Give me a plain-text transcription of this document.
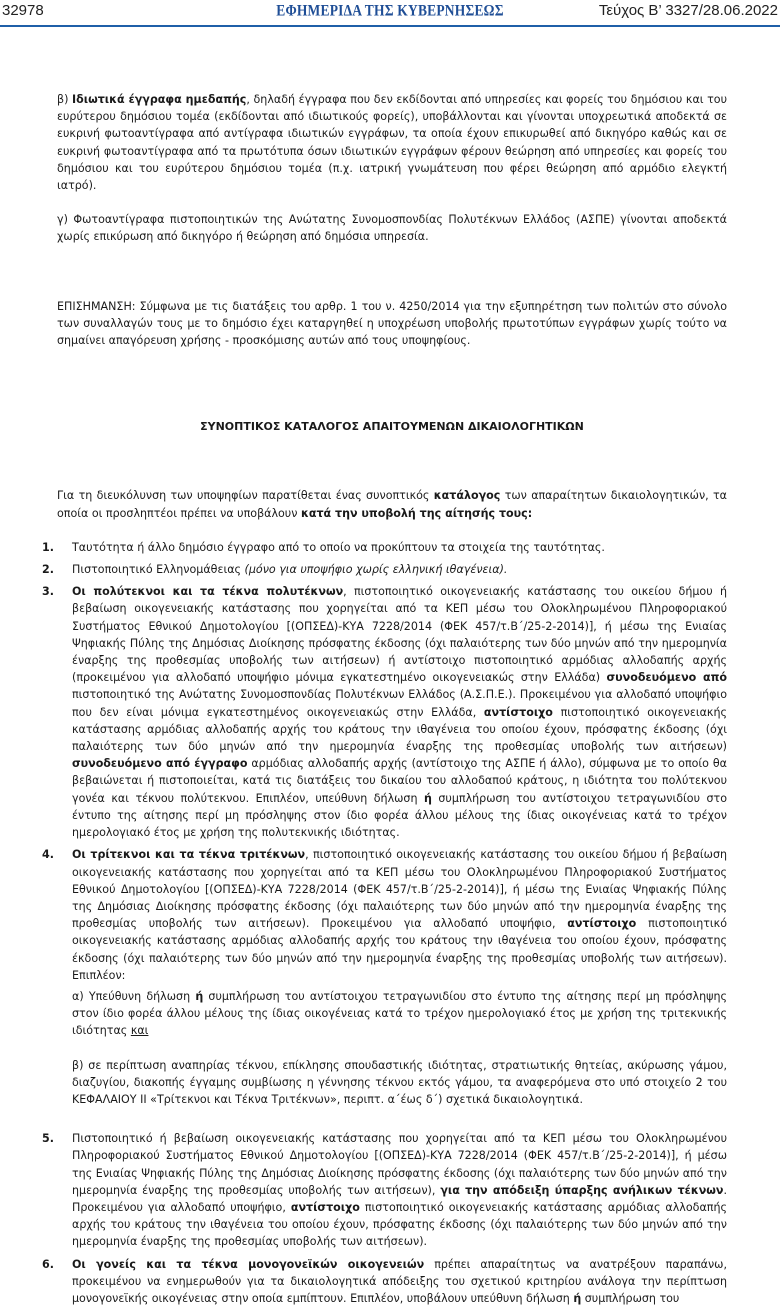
32978	ΕΦΗΜΕΡΙΔΑ ΤΗΣ ΚΥΒΕΡΝΗΣΕΩΣ	Τεύχος Β’ 3327/28.06.2022

β) Ιδιωτικά έγγραφα ημεδαπής, δηλαδή έγγραφα που δεν εκδίδονται από υπηρεσίες και φορείς του δημόσιου και του ευρύτερου δημόσιου τομέα (εκδίδονται από ιδιωτικούς φορείς), υποβάλλονται και γίνονται υποχρεωτικά αποδεκτά σε ευκρινή φωτοαντίγραφα από αντίγραφα ιδιωτικών εγγράφων, τα οποία έχουν επικυρωθεί από δικηγόρο καθώς και σε ευκρινή φωτοαντίγραφα από τα πρωτότυπα όσων ιδιωτικών εγγράφων φέρουν θεώρηση από υπηρεσίες και φορείς του δημόσιου και του ευρύτερου δημόσιου τομέα (π.χ. ιατρική γνωμάτευση που φέρει θεώρηση από αρμόδιο ελεγκτή ιατρό).

γ) Φωτοαντίγραφα πιστοποιητικών της Ανώτατης Συνομοσπονδίας Πολυτέκνων Ελλάδος (ΑΣΠΕ) γίνονται αποδεκτά χωρίς επικύρωση από δικηγόρο ή θεώρηση από δημόσια υπηρεσία.

ΕΠΙΣΗΜΑΝΣΗ: Σύμφωνα με τις διατάξεις του αρθρ. 1 του ν. 4250/2014 για την εξυπηρέτηση των πολιτών στο σύνολο των συναλλαγών τους με το δημόσιο έχει καταργηθεί η υποχρέωση υποβολής πρωτοτύπων εγγράφων χωρίς τούτο να σημαίνει απαγόρευση χρήσης - προσκόμισης αυτών από τους υποψηφίους.

ΣΥΝΟΠΤΙΚΟΣ ΚΑΤΑΛΟΓΟΣ ΑΠΑΙΤΟΥΜΕΝΩΝ ΔΙΚΑΙΟΛΟΓΗΤΙΚΩΝ

Για τη διευκόλυνση των υποψηφίων παρατίθεται ένας συνοπτικός κατάλογος των απαραίτητων δικαιολογητικών, τα οποία οι προσληπτέοι πρέπει να υποβάλουν κατά την υποβολή της αίτησής τους:

1. Ταυτότητα ή άλλο δημόσιο έγγραφο από το οποίο να προκύπτουν τα στοιχεία της ταυτότητας.
2. Πιστοποιητικό Ελληνομάθειας (μόνο για υποψήφιο χωρίς ελληνική ιθαγένεια).
3. Οι πολύτεκνοι και τα τέκνα πολυτέκνων, πιστοποιητικό οικογενειακής κατάστασης του οικείου δήμου ή βεβαίωση οικογενειακής κατάστασης που χορηγείται από τα ΚΕΠ μέσω του Ολοκληρωμένου Πληροφοριακού Συστήματος Εθνικού Δημοτολογίου [(ΟΠΣΕΔ)-ΚΥΑ 7228/2014 (ΦΕΚ 457/τ.Β΄/25-2-2014)], ή μέσω της Ενιαίας Ψηφιακής Πύλης της Δημόσιας Διοίκησης πρόσφατης έκδοσης (όχι παλαιότερης των δύο μηνών από την ημερομηνία έναρξης της προθεσμίας υποβολής των αιτήσεων) ή αντίστοιχο πιστοποιητικό αρμόδιας αλλοδαπής αρχής (προκειμένου για αλλοδαπό υποψήφιο μόνιμα εγκατεστημένο οικογενειακώς στην Ελλάδα) συνοδευόμενο από πιστοποιητικό της Ανώτατης Συνομοσπονδίας Πολυτέκνων Ελλάδος (Α.Σ.Π.Ε.). Προκειμένου για αλλοδαπό υποψήφιο που δεν είναι μόνιμα εγκατεστημένος οικογενειακώς στην Ελλάδα, αντίστοιχο πιστοποιητικό οικογενειακής κατάστασης αρμόδιας αλλοδαπής αρχής του κράτους την ιθαγένεια του οποίου έχουν, πρόσφατης έκδοσης (όχι παλαιότερης των δύο μηνών από την ημερομηνία έναρξης της προθεσμίας υποβολής των αιτήσεων) συνοδευόμενο από έγγραφο αρμόδιας αλλοδαπής αρχής (αντίστοιχο της ΑΣΠΕ ή άλλο), σύμφωνα με το οποίο θα βεβαιώνεται ή πιστοποιείται, κατά τις διατάξεις του δικαίου του αλλοδαπού κράτους, η ιδιότητα του πολύτεκνου γονέα και τέκνου πολύτεκνου. Επιπλέον, υπεύθυνη δήλωση ή συμπλήρωση του αντίστοιχου τετραγωνιδίου στο έντυπο της αίτησης περί μη πρόσληψης στον ίδιο φορέα άλλου μέλους της ίδιας οικογένειας κατά το τρέχον ημερολογιακό έτος με χρήση της πολυτεκνικής ιδιότητας.
4. Οι τρίτεκνοι και τα τέκνα τριτέκνων, πιστοποιητικό οικογενειακής κατάστασης του οικείου δήμου ή βεβαίωση οικογενειακής κατάστασης που χορηγείται από τα ΚΕΠ μέσω του Ολοκληρωμένου Πληροφοριακού Συστήματος Εθνικού Δημοτολογίου [(ΟΠΣΕΔ)-ΚΥΑ 7228/2014 (ΦΕΚ 457/τ.Β΄/25-2-2014)], ή μέσω της Ενιαίας Ψηφιακής Πύλης της Δημόσιας Διοίκησης πρόσφατης έκδοσης (όχι παλαιότερης των δύο μηνών από την ημερομηνία έναρξης της προθεσμίας υποβολής των αιτήσεων). Προκειμένου για αλλοδαπό υποψήφιο, αντίστοιχο πιστοποιητικό οικογενειακής κατάστασης αρμόδιας αλλοδαπής αρχής του κράτους την ιθαγένεια του οποίου έχουν, πρόσφατης έκδοσης (όχι παλαιότερης των δύο μηνών από την ημερομηνία έναρξης της προθεσμίας υποβολής των αιτήσεων). Επιπλέον:

α) Υπεύθυνη δήλωση ή συμπλήρωση του αντίστοιχου τετραγωνιδίου στο έντυπο της αίτησης περί μη πρόσληψης στον ίδιο φορέα άλλου μέλους της ίδιας οικογένειας κατά το τρέχον ημερολογιακό έτος με χρήση της τριτεκνικής ιδιότητας και

β) σε περίπτωση αναπηρίας τέκνου, επίκλησης σπουδαστικής ιδιότητας, στρατιωτικής θητείας, ακύρωσης γάμου, διαζυγίου, διακοπής έγγαμης συμβίωσης η γέννησης τέκνου εκτός γάμου, τα αναφερόμενα στο υπό στοιχείο 2 του ΚΕΦΑΛΑΙΟΥ ΙΙ «Τρίτεκνοι και Τέκνα Τριτέκνων», περιπτ. α΄έως δ΄) σχετικά δικαιολογητικά.

5. Πιστοποιητικό ή βεβαίωση οικογενειακής κατάστασης που χορηγείται από τα ΚΕΠ μέσω του Ολοκληρωμένου Πληροφοριακού Συστήματος Εθνικού Δημοτολογίου [(ΟΠΣΕΔ)-ΚΥΑ 7228/2014 (ΦΕΚ 457/τ.Β΄/25-2-2014)], ή μέσω της Ενιαίας Ψηφιακής Πύλης της Δημόσιας Διοίκησης πρόσφατης έκδοσης (όχι παλαιότερης των δύο μηνών από την ημερομηνία έναρξης της προθεσμίας υποβολής των αιτήσεων), για την απόδειξη ύπαρξης ανήλικων τέκνων. Προκειμένου για αλλοδαπό υποψήφιο, αντίστοιχο πιστοποιητικό οικογενειακής κατάστασης αρμόδιας αλλοδαπής αρχής του κράτους την ιθαγένεια του οποίου έχουν, πρόσφατης έκδοσης (όχι παλαιότερης των δύο μηνών από την ημερομηνία έναρξης της προθεσμίας υποβολής των αιτήσεων).
6. Οι γονείς και τα τέκνα μονογονεϊκών οικογενειών πρέπει απαραίτητως να ανατρέξουν παραπάνω, προκειμένου να ενημερωθούν για τα δικαιολογητικά απόδειξης του σχετικού κριτηρίου ανάλογα την περίπτωση μονογονεϊκής οικογένειας στην οποία εμπίπτουν. Επιπλέον, υποβάλουν υπεύθυνη δήλωση ή συμπλήρωση του
